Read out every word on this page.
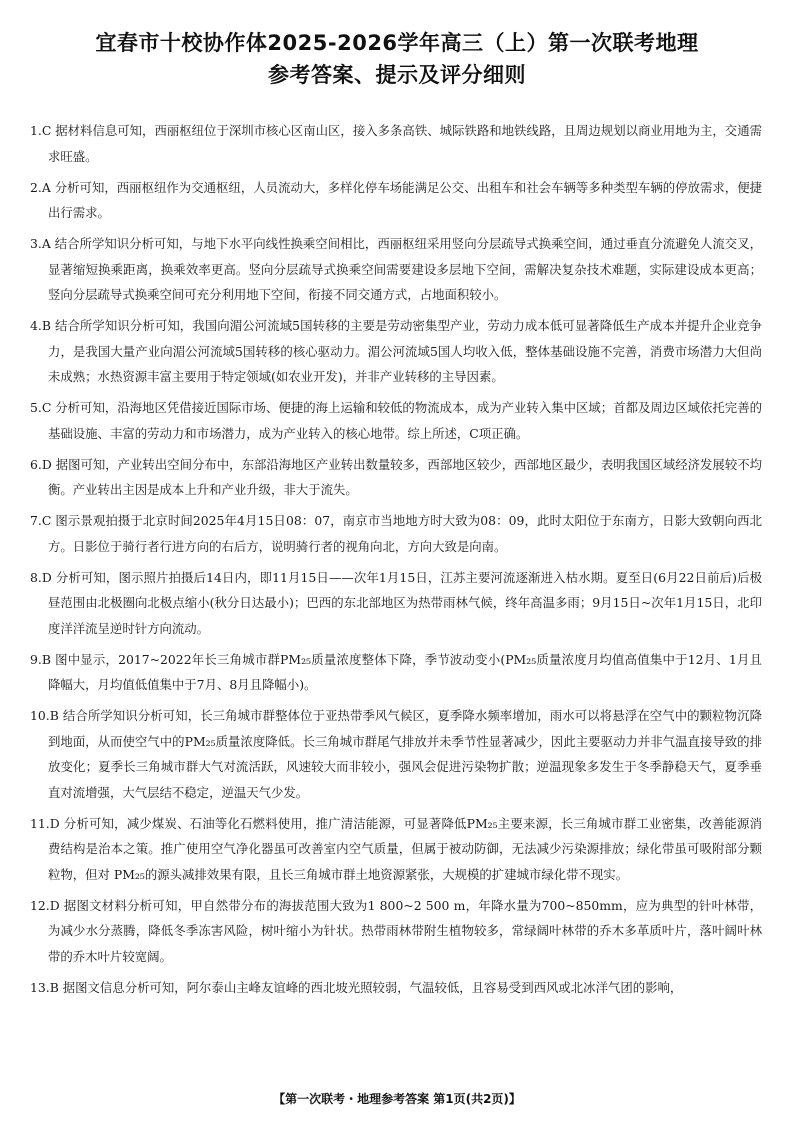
宜春市十校协作体2025-2026学年高三（上）第一次联考地理
参考答案、提示及评分细则

1.C 据材料信息可知，西丽枢纽位于深圳市核心区南山区，接入多条高铁、城际铁路和地铁线路，且周边规划以商业用地为主，交通需求旺盛。

2.A 分析可知，西丽枢纽作为交通枢纽，人员流动大，多样化停车场能满足公交、出租车和社会车辆等多种类型车辆的停放需求，便捷出行需求。

3.A 结合所学知识分析可知，与地下水平向线性换乘空间相比，西丽枢纽采用竖向分层疏导式换乘空间，通过垂直分流避免人流交叉，显著缩短换乘距离，换乘效率更高。竖向分层疏导式换乘空间需要建设多层地下空间，需解决复杂技术难题，实际建设成本更高；竖向分层疏导式换乘空间可充分利用地下空间，衔接不同交通方式，占地面积较小。

4.B 结合所学知识分析可知，我国向湄公河流域5国转移的主要是劳动密集型产业，劳动力成本低可显著降低生产成本并提升企业竞争力，是我国大量产业向湄公河流域5国转移的核心驱动力。湄公河流域5国人均收入低，整体基础设施不完善，消费市场潜力大但尚未成熟；水热资源丰富主要用于特定领域(如农业开发)，并非产业转移的主导因素。

5.C 分析可知，沿海地区凭借接近国际市场、便捷的海上运输和较低的物流成本，成为产业转入集中区域；首都及周边区域依托完善的基础设施、丰富的劳动力和市场潜力，成为产业转入的核心地带。综上所述，C项正确。

6.D 据图可知，产业转出空间分布中，东部沿海地区产业转出数量较多，西部地区较少，西部地区最少，表明我国区域经济发展较不均衡。产业转出主因是成本上升和产业升级，非大于流失。

7.C 图示景观拍摄于北京时间2025年4月15日08：07，南京市当地地方时大致为08：09，此时太阳位于东南方，日影大致朝向西北方。日影位于骑行者行进方向的右后方，说明骑行者的视角向北，方向大致是向南。

8.D 分析可知，图示照片拍摄后14日内，即11月15日——次年1月15日，江苏主要河流逐渐进入枯水期。夏至日(6月22日前后)后极昼范围由北极圈向北极点缩小(秋分日达最小)；巴西的东北部地区为热带雨林气候，终年高温多雨；9月15日~次年1月15日，北印度洋洋流呈逆时针方向流动。

9.B 图中显示，2017~2022年长三角城市群PM₂₅质量浓度整体下降，季节波动变小(PM₂₅质量浓度月均值高值集中于12月、1月且降幅大，月均值低值集中于7月、8月且降幅小)。

10.B 结合所学知识分析可知，长三角城市群整体位于亚热带季风气候区，夏季降水频率增加，雨水可以将悬浮在空气中的颗粒物沉降到地面，从而使空气中的PM₂₅质量浓度降低。长三角城市群尾气排放并未季节性显著减少，因此主要驱动力并非气温直接导致的排放变化；夏季长三角城市群大气对流活跃，风速较大而非较小，强风会促进污染物扩散；逆温现象多发生于冬季静稳天气，夏季垂直对流增强，大气层结不稳定，逆温天气少发。

11.D 分析可知，减少煤炭、石油等化石燃料使用，推广清洁能源，可显著降低PM₂₅主要来源，长三角城市群工业密集，改善能源消费结构是治本之策。推广使用空气净化器虽可改善室内空气质量，但属于被动防御，无法减少污染源排放；绿化带虽可吸附部分颗粒物，但对 PM₂₅的源头减排效果有限，且长三角城市群土地资源紧张，大规模的扩建城市绿化带不现实。

12.D 据图文材料分析可知，甲自然带分布的海拔范围大致为1 800~2 500 m，年降水量为700~850mm，应为典型的针叶林带，为减少水分蒸腾，降低冬季冻害风险，树叶缩小为针状。热带雨林带附生植物较多，常绿阔叶林带的乔木多革质叶片，落叶阔叶林带的乔木叶片较宽阔。

13.B 据图文信息分析可知，阿尔泰山主峰友谊峰的西北坡光照较弱，气温较低，且容易受到西风或北冰洋气团的影响，

【第一次联考・地理参考答案 第1页(共2页)】
